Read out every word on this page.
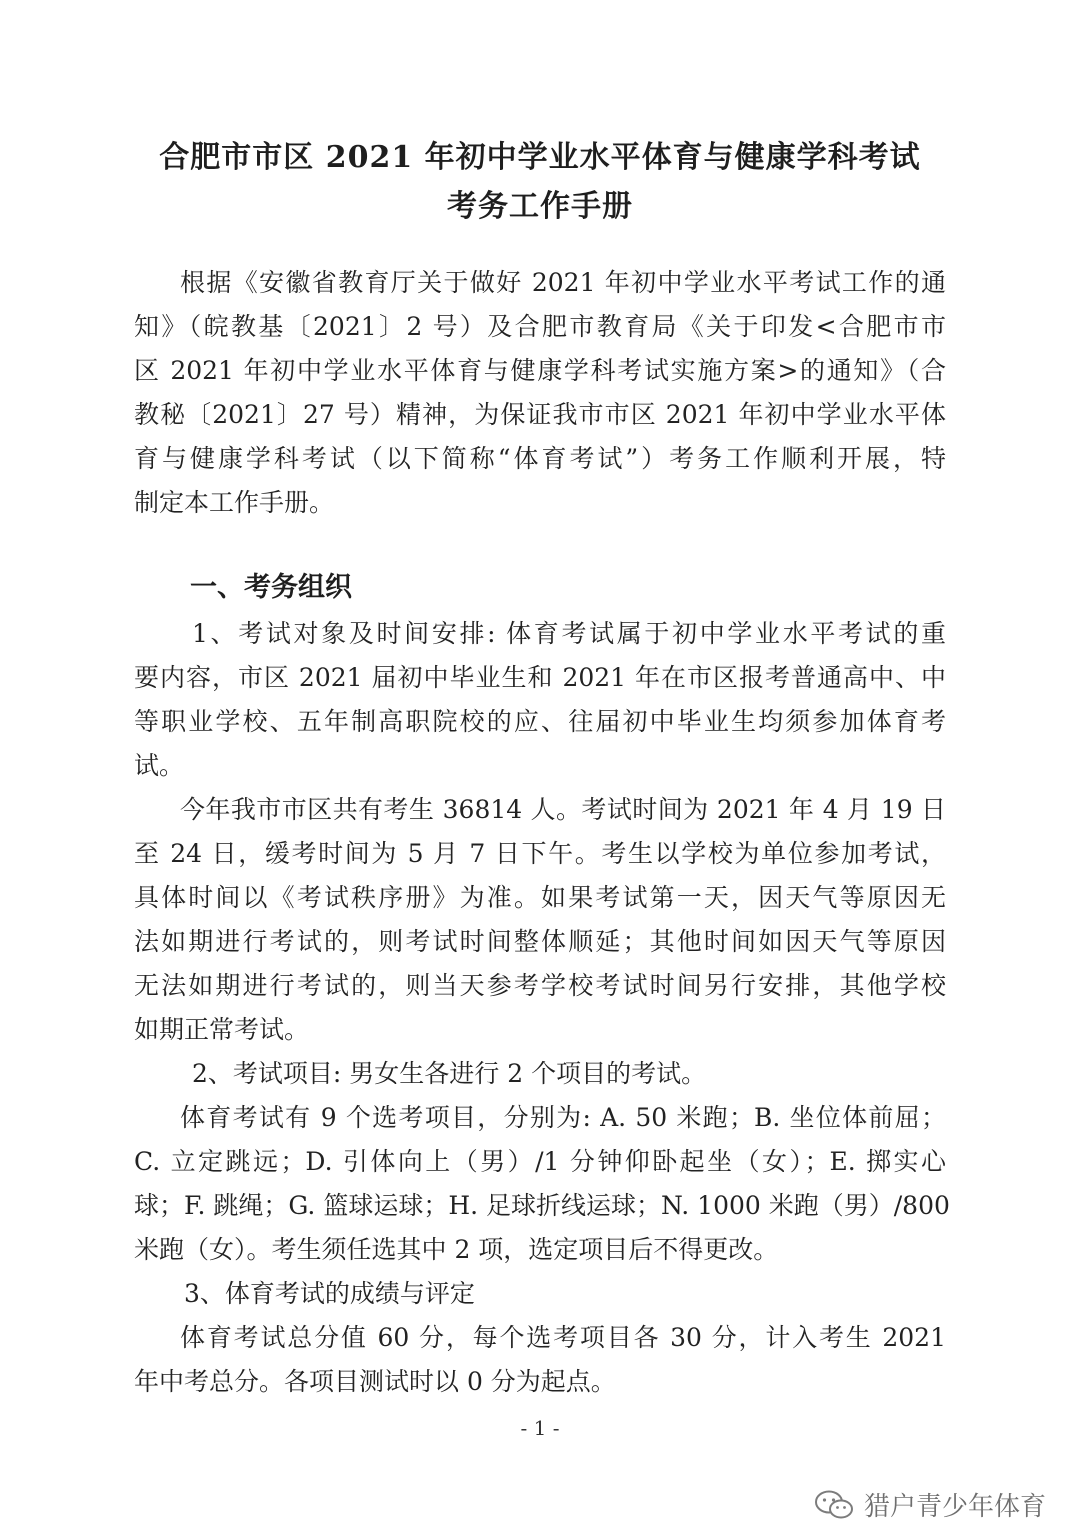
合肥市市区 2021 年初中学业水平体育与健康学科考试
考务工作手册
根据《安徽省教育厅关于做好 2021 年初中学业水平考试工作的通
知》（皖教基〔2021〕2 号）及合肥市教育局《关于印发<合肥市市
区 2021 年初中学业水平体育与健康学科考试实施方案>的通知》（合
教秘〔2021〕27 号）精神，为保证我市市区 2021 年初中学业水平体
育与健康学科考试（以下简称“体育考试”）考务工作顺利开展，特
制定本工作手册。
一、考务组织
1、考试对象及时间安排: 体育考试属于初中学业水平考试的重
要内容，市区 2021 届初中毕业生和 2021 年在市区报考普通高中、中
等职业学校、五年制高职院校的应、往届初中毕业生均须参加体育考
试。
今年我市市区共有考生 36814 人。考试时间为 2021 年 4 月 19 日
至 24 日，缓考时间为 5 月 7 日下午。考生以学校为单位参加考试，
具体时间以《考试秩序册》为准。如果考试第一天，因天气等原因无
法如期进行考试的，则考试时间整体顺延；其他时间如因天气等原因
无法如期进行考试的，则当天参考学校考试时间另行安排，其他学校
如期正常考试。
2、考试项目: 男女生各进行 2 个项目的考试。
体育考试有 9 个选考项目，分别为: A. 50 米跑；B. 坐位体前屈；
C. 立定跳远；D. 引体向上（男）/1 分钟仰卧起坐（女）；E. 掷实心
球；F. 跳绳；G. 篮球运球；H. 足球折线运球；N. 1000 米跑（男）/800
米跑（女）。考生须任选其中 2 项，选定项目后不得更改。
3、体育考试的成绩与评定
体育考试总分值 60 分，每个选考项目各 30 分，计入考生 2021
年中考总分。各项目测试时以 0 分为起点。
- 1 -
猎户青少年体育
